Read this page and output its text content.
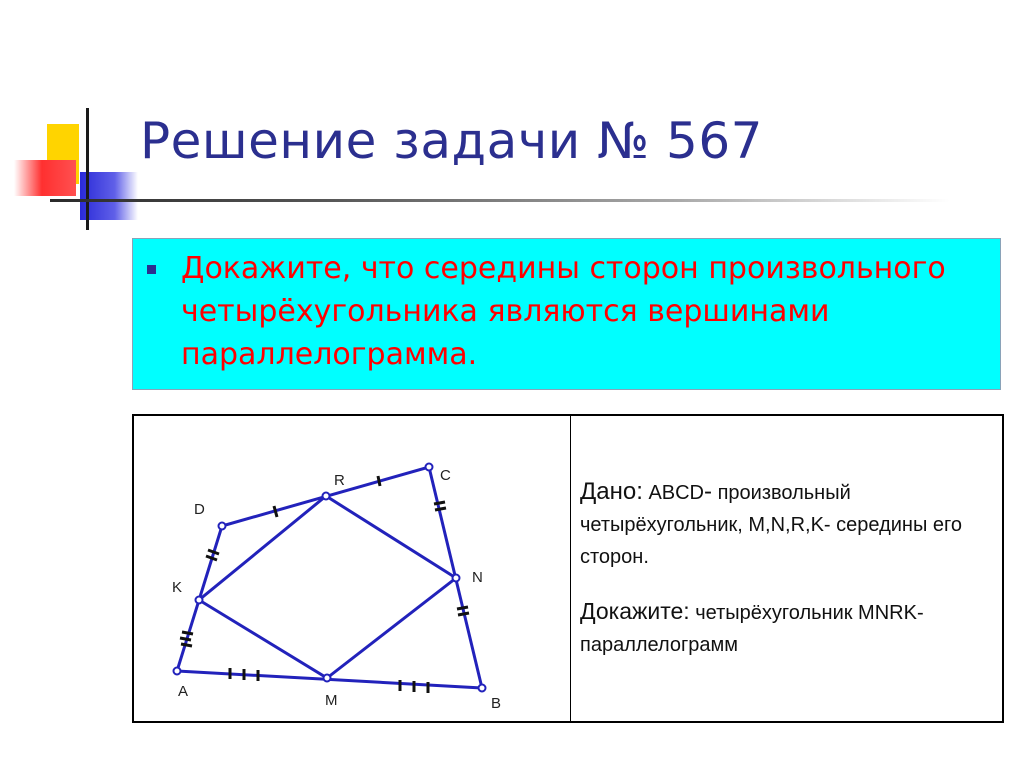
Решение задачи № 567
Докажите, что середины сторон произвольного четырёхугольника являются вершинами параллелограмма.
A
B
C
D
M
N
R
K
Дано: ABCD- произвольный четырёхугольник, M,N,R,K- середины его сторон.
Докажите: четырёхугольник MNRK- параллелограмм
